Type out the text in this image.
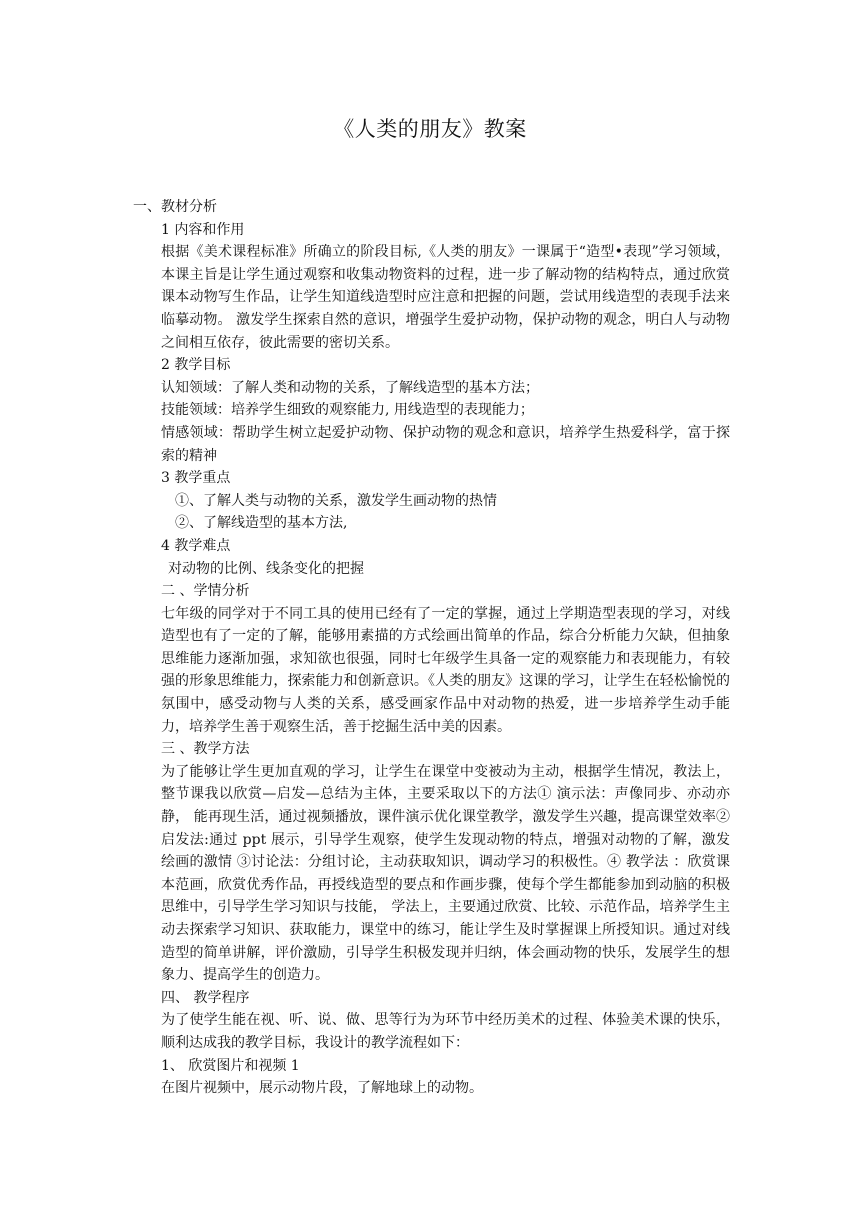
《人类的朋友》教案

一、教材分析

1 内容和作用

根据《美术课程标准》所确立的阶段目标,《人类的朋友》一课属于“造型•表现”学习领域，本课主旨是让学生通过观察和收集动物资料的过程，进一步了解动物的结构特点，通过欣赏课本动物写生作品，让学生知道线造型时应注意和把握的问题，尝试用线造型的表现手法来临摹动物。 激发学生探索自然的意识，增强学生爱护动物，保护动物的观念，明白人与动物之间相互依存，彼此需要的密切关系。

2 教学目标

认知领域：了解人类和动物的关系，了解线造型的基本方法；

技能领域：培养学生细致的观察能力, 用线造型的表现能力；

情感领域：帮助学生树立起爱护动物、保护动物的观念和意识，培养学生热爱科学，富于探索的精神

3 教学重点

①、了解人类与动物的关系，激发学生画动物的热情

②、了解线造型的基本方法,

4 教学难点

对动物的比例、线条变化的把握

二 、学情分析

七年级的同学对于不同工具的使用已经有了一定的掌握，通过上学期造型表现的学习，对线造型也有了一定的了解，能够用素描的方式绘画出简单的作品，综合分析能力欠缺，但抽象思维能力逐渐加强，求知欲也很强，同时七年级学生具备一定的观察能力和表现能力，有较强的形象思维能力，探索能力和创新意识。《人类的朋友》这课的学习，让学生在轻松愉悦的氛围中，感受动物与人类的关系，感受画家作品中对动物的热爱，进一步培养学生动手能力，培养学生善于观察生活，善于挖掘生活中美的因素。

三 、教学方法

为了能够让学生更加直观的学习，让学生在课堂中变被动为主动，根据学生情况，教法上，整节课我以欣赏—启发—总结为主体，主要采取以下的方法① 演示法：声像同步、亦动亦静， 能再现生活，通过视频播放，课件演示优化课堂教学，激发学生兴趣，提高课堂效率② 启发法:通过 ppt 展示，引导学生观察，使学生发现动物的特点，增强对动物的了解，激发绘画的激情 ③讨论法：分组讨论，主动获取知识，调动学习的积极性。④ 教学法 ：欣赏课本范画，欣赏优秀作品，再授线造型的要点和作画步骤，使每个学生都能参加到动脑的积极思维中，引导学生学习知识与技能， 学法上，主要通过欣赏、比较、示范作品，培养学生主动去探索学习知识、获取能力，课堂中的练习，能让学生及时掌握课上所授知识。通过对线造型的简单讲解，评价激励，引导学生积极发现并归纳，体会画动物的快乐，发展学生的想象力、提高学生的创造力。

四、 教学程序

为了使学生能在视、听、说、做、思等行为为环节中经历美术的过程、体验美术课的快乐，顺利达成我的教学目标，我设计的教学流程如下：

1、 欣赏图片和视频 1

在图片视频中，展示动物片段，了解地球上的动物。
